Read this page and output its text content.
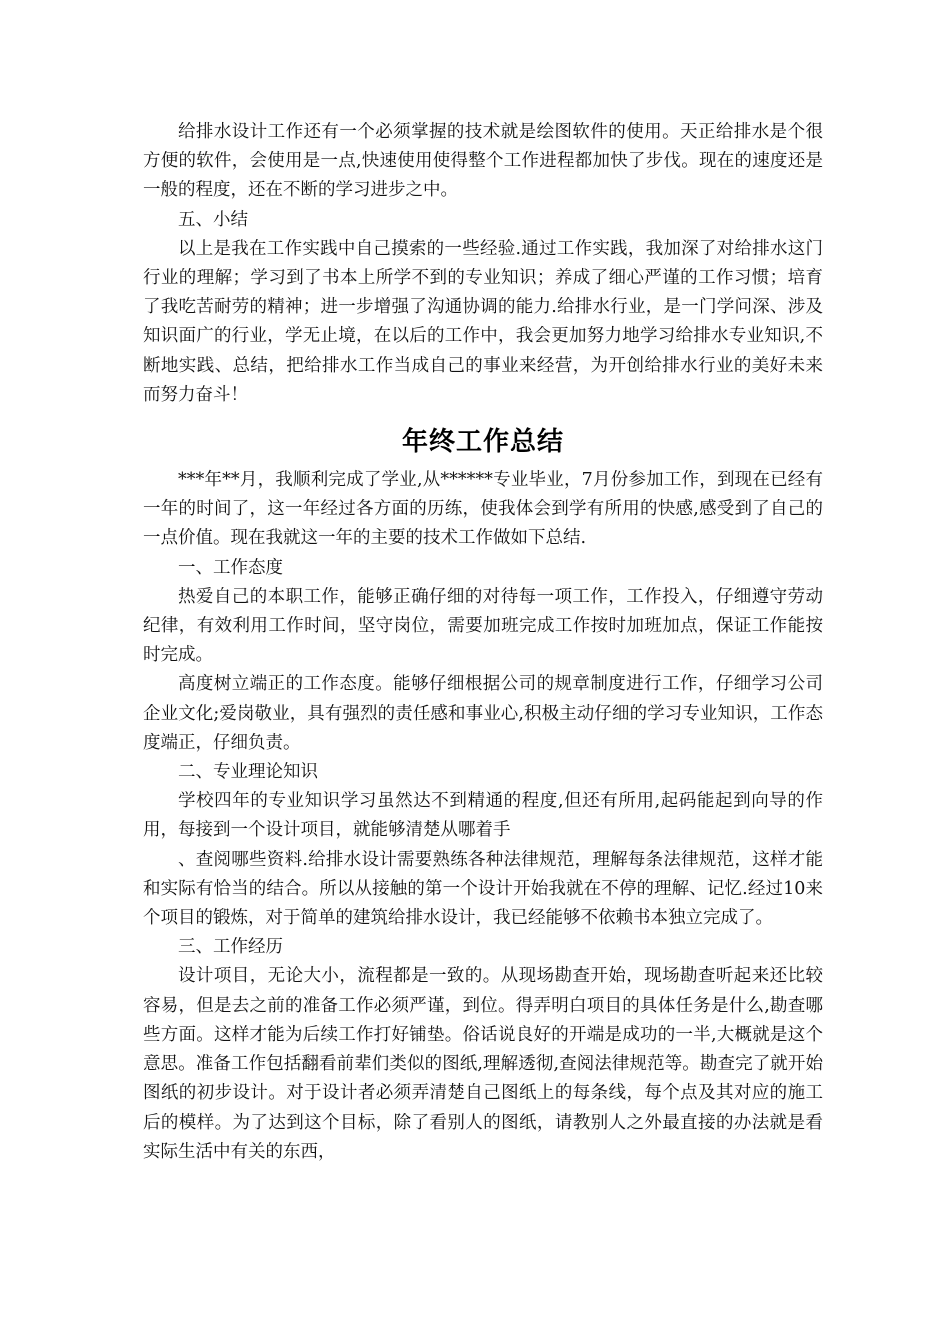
给排水设计工作还有一个必须掌握的技术就是绘图软件的使用。天正给排水是个很方便的软件，会使用是一点,快速使用使得整个工作进程都加快了步伐。现在的速度还是一般的程度，还在不断的学习进步之中。

五、小结

以上是我在工作实践中自己摸索的一些经验.通过工作实践，我加深了对给排水这门行业的理解；学习到了书本上所学不到的专业知识；养成了细心严谨的工作习惯；培育了我吃苦耐劳的精神；进一步增强了沟通协调的能力.给排水行业，是一门学问深、涉及知识面广的行业，学无止境，在以后的工作中，我会更加努力地学习给排水专业知识,不断地实践、总结，把给排水工作当成自己的事业来经营，为开创给排水行业的美好未来而努力奋斗！

年终工作总结

***年**月，我顺利完成了学业,从******专业毕业，7月份参加工作，到现在已经有一年的时间了，这一年经过各方面的历练，使我体会到学有所用的快感,感受到了自己的一点价值。现在我就这一年的主要的技术工作做如下总结.

一、工作态度

热爱自己的本职工作，能够正确仔细的对待每一项工作，工作投入，仔细遵守劳动纪律，有效利用工作时间，坚守岗位，需要加班完成工作按时加班加点，保证工作能按时完成。

高度树立端正的工作态度。能够仔细根据公司的规章制度进行工作，仔细学习公司企业文化;爱岗敬业，具有强烈的责任感和事业心,积极主动仔细的学习专业知识，工作态度端正，仔细负责。

二、专业理论知识

学校四年的专业知识学习虽然达不到精通的程度,但还有所用,起码能起到向导的作用，每接到一个设计项目，就能够清楚从哪着手

、查阅哪些资料.给排水设计需要熟练各种法律规范，理解每条法律规范，这样才能和实际有恰当的结合。所以从接触的第一个设计开始我就在不停的理解、记忆.经过10来个项目的锻炼，对于简单的建筑给排水设计，我已经能够不依赖书本独立完成了。

三、工作经历

设计项目，无论大小，流程都是一致的。从现场勘查开始，现场勘查听起来还比较容易，但是去之前的准备工作必须严谨，到位。得弄明白项目的具体任务是什么,勘查哪些方面。这样才能为后续工作打好铺垫。俗话说良好的开端是成功的一半,大概就是这个意思。准备工作包括翻看前辈们类似的图纸,理解透彻,查阅法律规范等。勘查完了就开始图纸的初步设计。对于设计者必须弄清楚自己图纸上的每条线，每个点及其对应的施工后的模样。为了达到这个目标，除了看别人的图纸，请教别人之外最直接的办法就是看实际生活中有关的东西，
